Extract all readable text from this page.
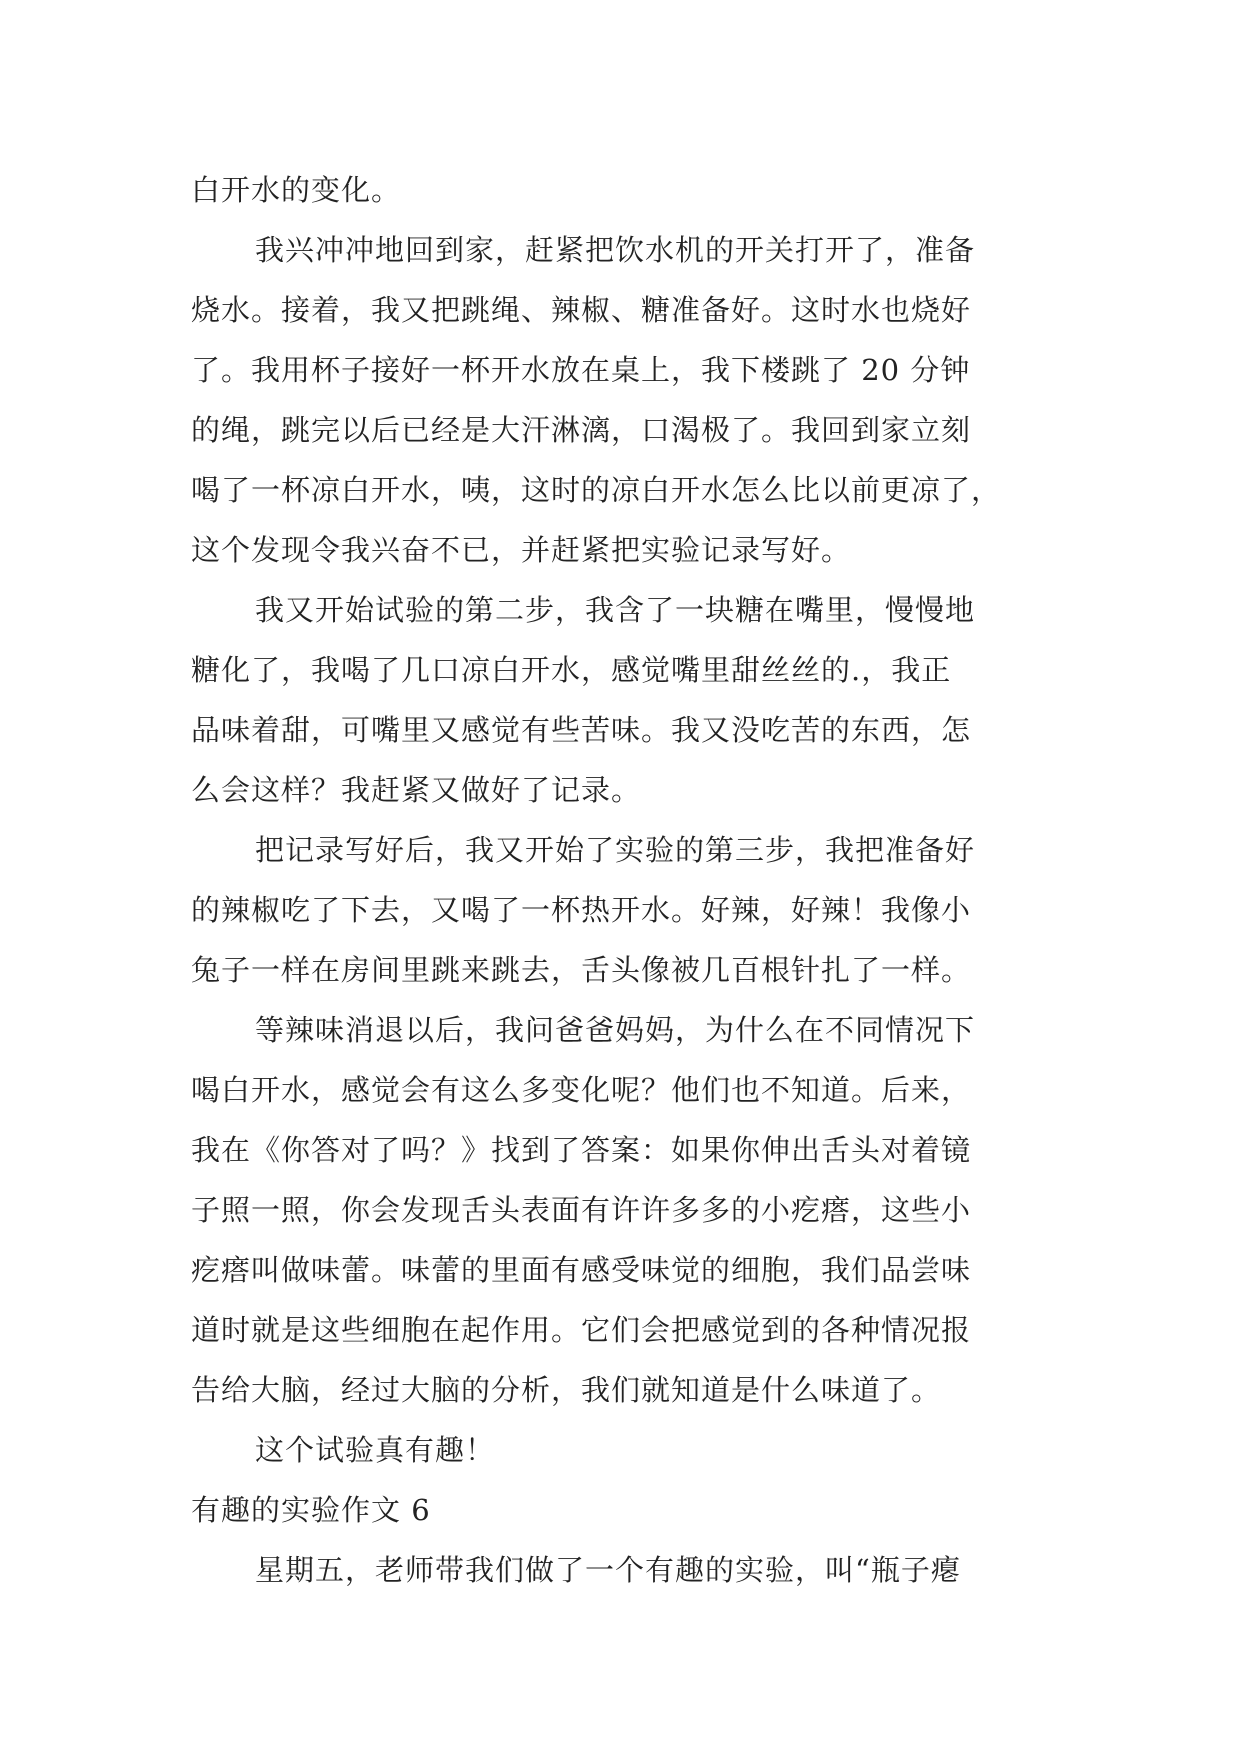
白开水的变化。
我兴冲冲地回到家，赶紧把饮水机的开关打开了，准备
烧水。接着，我又把跳绳、辣椒、糖准备好。这时水也烧好
了。我用杯子接好一杯开水放在桌上，我下楼跳了 20 分钟
的绳，跳完以后已经是大汗淋漓，口渴极了。我回到家立刻
喝了一杯凉白开水，咦，这时的凉白开水怎么比以前更凉了，
这个发现令我兴奋不已，并赶紧把实验记录写好。
我又开始试验的第二步，我含了一块糖在嘴里，慢慢地
糖化了，我喝了几口凉白开水，感觉嘴里甜丝丝的.，我正
品味着甜，可嘴里又感觉有些苦味。我又没吃苦的东西，怎
么会这样？我赶紧又做好了记录。
把记录写好后，我又开始了实验的第三步，我把准备好
的辣椒吃了下去，又喝了一杯热开水。好辣，好辣！我像小
兔子一样在房间里跳来跳去，舌头像被几百根针扎了一样。
等辣味消退以后，我问爸爸妈妈，为什么在不同情况下
喝白开水，感觉会有这么多变化呢？他们也不知道。后来，
我在《你答对了吗？》找到了答案：如果你伸出舌头对着镜
子照一照，你会发现舌头表面有许许多多的小疙瘩，这些小
疙瘩叫做味蕾。味蕾的里面有感受味觉的细胞，我们品尝味
道时就是这些细胞在起作用。它们会把感觉到的各种情况报
告给大脑，经过大脑的分析，我们就知道是什么味道了。
这个试验真有趣！
有趣的实验作文 6
星期五，老师带我们做了一个有趣的实验，叫“瓶子瘪
